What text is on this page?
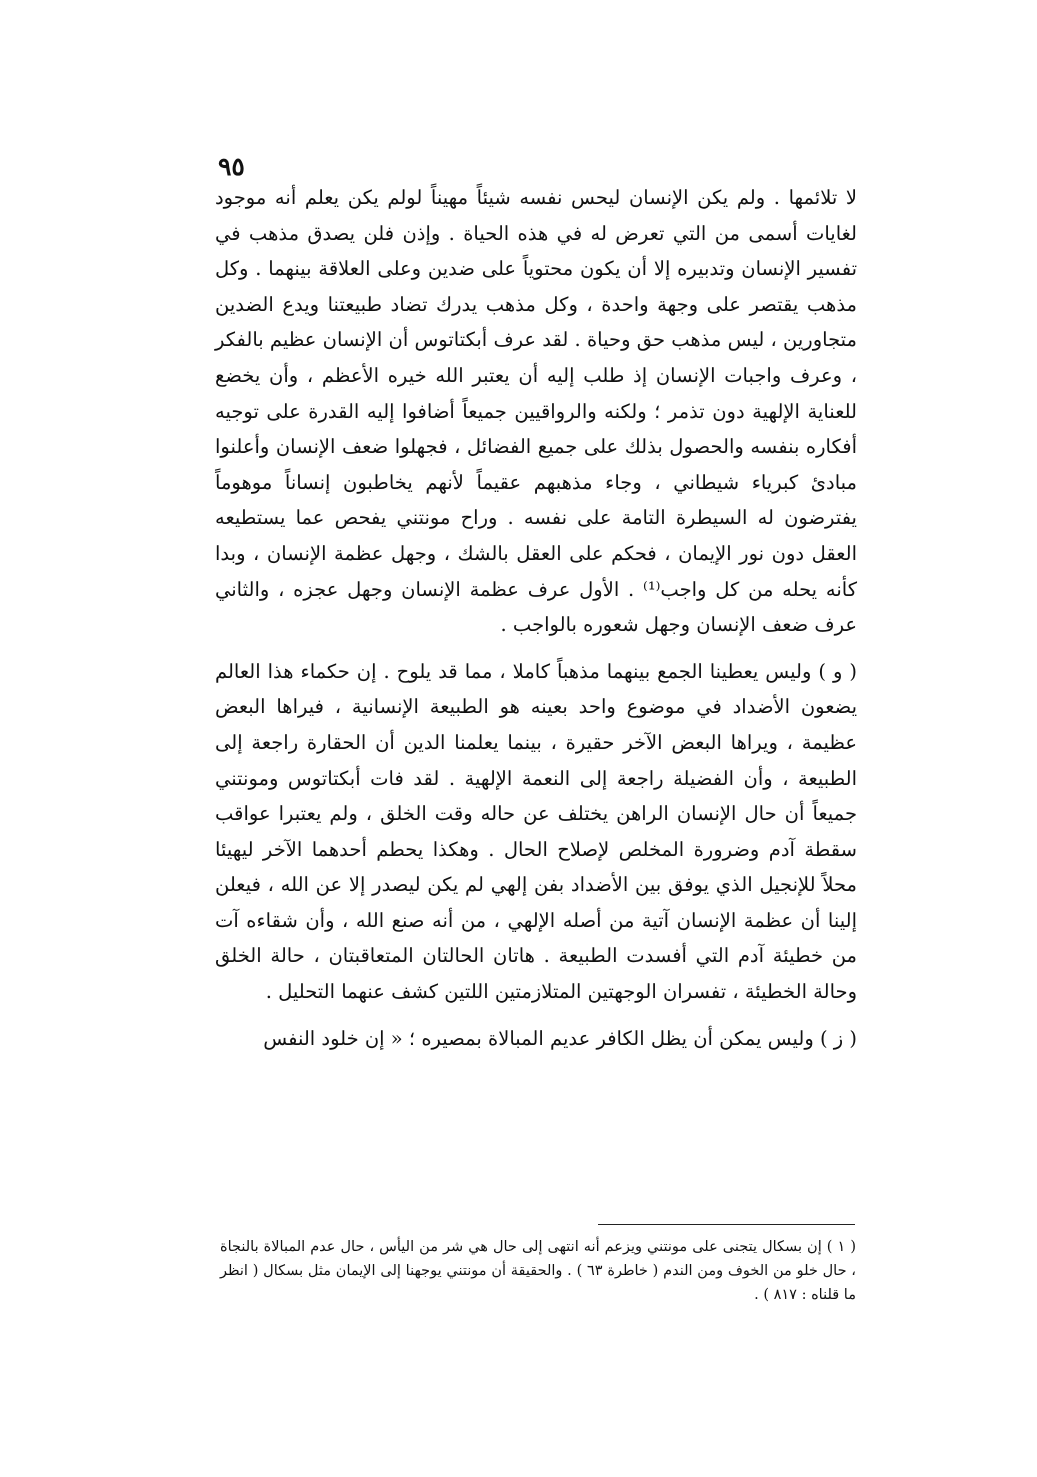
٩٥

لا تلائمها . ولم يكن الإنسان ليحس نفسه شيئاً مهيناً لولم يكن يعلم أنه موجود لغايات أسمى من التي تعرض له في هذه الحياة . وإذن فلن يصدق مذهب في تفسير الإنسان وتدبيره إلا أن يكون محتوياً على ضدين وعلى العلاقة بينهما . وكل مذهب يقتصر على وجهة واحدة ، وكل مذهب يدرك تضاد طبيعتنا ويدع الضدين متجاورين ، ليس مذهب حق وحياة . لقد عرف أبكتاتوس أن الإنسان عظيم بالفكر ، وعرف واجبات الإنسان إذ طلب إليه أن يعتبر الله خيره الأعظم ، وأن يخضع للعناية الإلهية دون تذمر ؛ ولكنه والرواقيين جميعاً أضافوا إليه القدرة على توجيه أفكاره بنفسه والحصول بذلك على جميع الفضائل ، فجهلوا ضعف الإنسان وأعلنوا مبادئ كبرياء شيطاني ، وجاء مذهبهم عقيماً لأنهم يخاطبون إنساناً موهوماً يفترضون له السيطرة التامة على نفسه . وراح مونتني يفحص عما يستطيعه العقل دون نور الإيمان ، فحكم على العقل بالشك ، وجهل عظمة الإنسان ، وبدا كأنه يحله من كل واجب⁽¹⁾ . الأول عرف عظمة الإنسان وجهل عجزه ، والثاني عرف ضعف الإنسان وجهل شعوره بالواجب .

( و ) وليس يعطينا الجمع بينهما مذهباً كاملا ، مما قد يلوح . إن حكماء هذا العالم يضعون الأضداد في موضوع واحد بعينه هو الطبيعة الإنسانية ، فيراها البعض عظيمة ، ويراها البعض الآخر حقيرة ، بينما يعلمنا الدين أن الحقارة راجعة إلى الطبيعة ، وأن الفضيلة راجعة إلى النعمة الإلهية . لقد فات أبكتاتوس ومونتني جميعاً أن حال الإنسان الراهن يختلف عن حاله وقت الخلق ، ولم يعتبرا عواقب سقطة آدم وضرورة المخلص لإصلاح الحال . وهكذا يحطم أحدهما الآخر ليهيئا محلاً للإنجيل الذي يوفق بين الأضداد بفن إلهي لم يكن ليصدر إلا عن الله ، فيعلن إلينا أن عظمة الإنسان آتية من أصله الإلهي ، من أنه صنع الله ، وأن شقاءه آت من خطيئة آدم التي أفسدت الطبيعة . هاتان الحالتان المتعاقبتان ، حالة الخلق وحالة الخطيئة ، تفسران الوجهتين المتلازمتين اللتين كشف عنهما التحليل .

( ز ) وليس يمكن أن يظل الكافر عديم المبالاة بمصيره ؛ « إن خلود النفس

( ١ ) إن بسكال يتجنى على مونتني ويزعم أنه انتهى إلى حال هي شر من اليأس ، حال عدم المبالاة بالنجاة ، حال خلو من الخوف ومن الندم ( خاطرة ٦٣ ) . والحقيقة أن مونتني يوجهنا إلى الإيمان مثل بسكال ( انظر ما قلناه : ٨١٧ ) .
